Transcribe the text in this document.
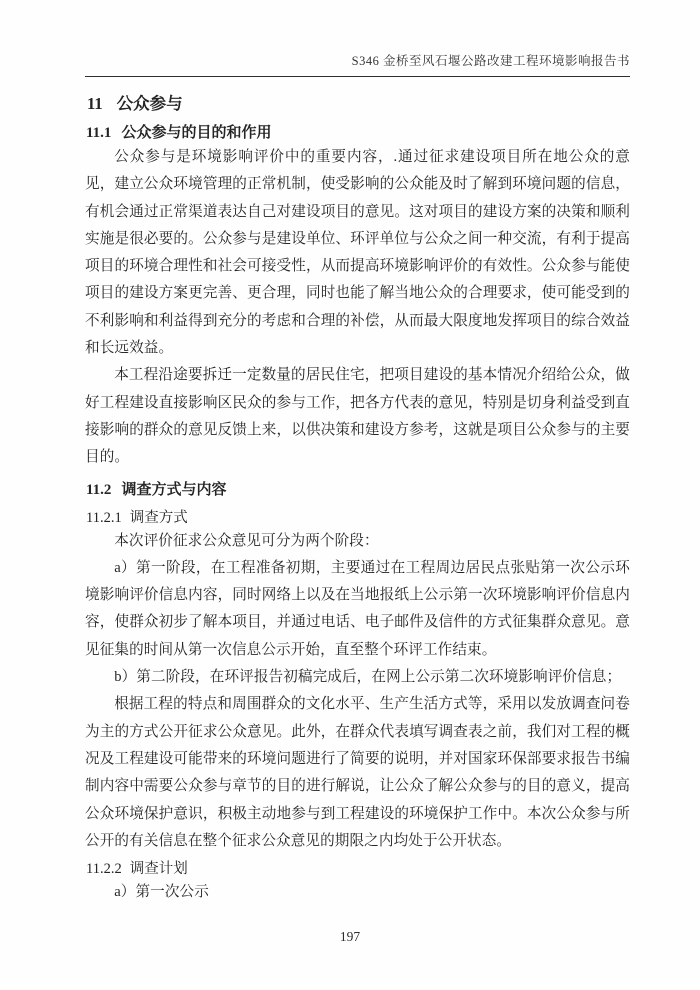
S346 金桥至风石堰公路改建工程环境影响报告书
11 公众参与
11.1 公众参与的目的和作用

公众参与是环境影响评价中的重要内容，.通过征求建设项目所在地公众的意见，建立公众环境管理的正常机制，使受影响的公众能及时了解到环境问题的信息，有机会通过正常渠道表达自己对建设项目的意见。这对项目的建设方案的决策和顺利实施是很必要的。公众参与是建设单位、环评单位与公众之间一种交流，有利于提高项目的环境合理性和社会可接受性，从而提高环境影响评价的有效性。公众参与能使项目的建设方案更完善、更合理，同时也能了解当地公众的合理要求，使可能受到的不利影响和利益得到充分的考虑和合理的补偿，从而最大限度地发挥项目的综合效益和长远效益。

本工程沿途要拆迁一定数量的居民住宅，把项目建设的基本情况介绍给公众，做好工程建设直接影响区民众的参与工作，把各方代表的意见，特别是切身利益受到直接影响的群众的意见反馈上来，以供决策和建设方参考，这就是项目公众参与的主要目的。

11.2 调查方式与内容
11.2.1 调查方式

本次评价征求公众意见可分为两个阶段：

a）第一阶段，在工程准备初期，主要通过在工程周边居民点张贴第一次公示环境影响评价信息内容，同时网络上以及在当地报纸上公示第一次环境影响评价信息内容，使群众初步了解本项目，并通过电话、电子邮件及信件的方式征集群众意见。意见征集的时间从第一次信息公示开始，直至整个环评工作结束。

b）第二阶段，在环评报告初稿完成后，在网上公示第二次环境影响评价信息；

根据工程的特点和周围群众的文化水平、生产生活方式等，采用以发放调查问卷为主的方式公开征求公众意见。此外，在群众代表填写调查表之前，我们对工程的概况及工程建设可能带来的环境问题进行了简要的说明，并对国家环保部要求报告书编制内容中需要公众参与章节的目的进行解说，让公众了解公众参与的目的意义，提高公众环境保护意识，积极主动地参与到工程建设的环境保护工作中。本次公众参与所公开的有关信息在整个征求公众意见的期限之内均处于公开状态。

11.2.2 调查计划

a）第一次公示

197
